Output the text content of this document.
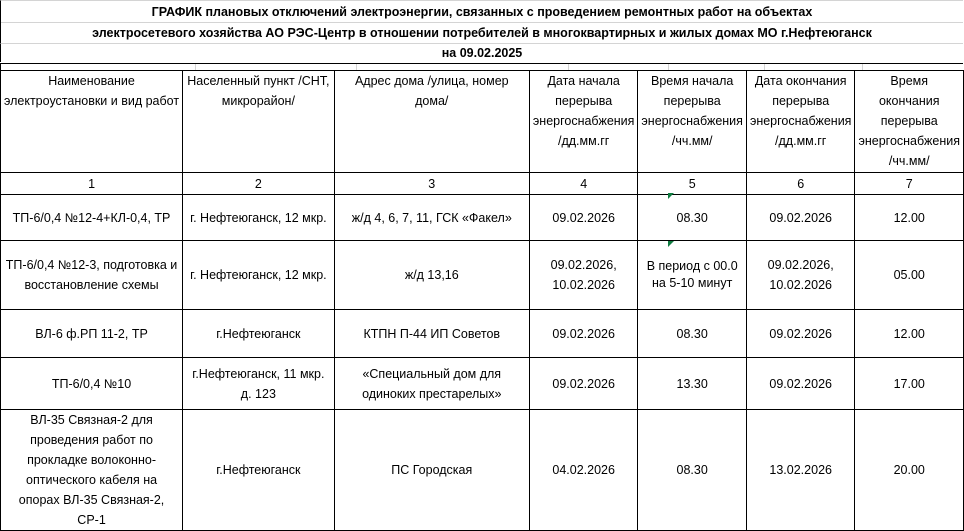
ГРАФИК плановых отключений электроэнергии, связанных с проведением ремонтных работ на объектах
электросетевого хозяйства АО РЭС-Центр в отношении потребителей в многоквартирных и жилых домах МО г.Нефтеюганск
на 09.02.2025
Наименование электроустановки и вид работ	Населенный пункт /СНТ, микрорайон/	Адрес дома /улица, номер дома/	Дата начала перерыва энергоснабжения /дд.мм.гг	Время начала перерыва энергоснабжения /чч.мм/	Дата окончания перерыва энергоснабжения /дд.мм.гг	Время окончания перерыва энергоснабжения /чч.мм/
1	2	3	4	5	6	7
ТП-6/0,4 №12-4+КЛ-0,4, ТР	г. Нефтеюганск, 12 мкр.	ж/д 4, 6, 7, 11, ГСК «Факел»	09.02.2026	08.30	09.02.2026	12.00
ТП-6/0,4 №12-3, подготовка и восстановление схемы	г. Нефтеюганск, 12 мкр.	ж/д 13,16	09.02.2026, 10.02.2026	В период с 00.0 на 5-10 минут	09.02.2026, 10.02.2026	05.00
ВЛ-6 ф.РП 11-2, ТР	г.Нефтеюганск	КТПН П-44 ИП Советов	09.02.2026	08.30	09.02.2026	12.00
ТП-6/0,4 №10	г.Нефтеюганск, 11 мкр. д. 123	«Специальный дом для одиноких престарелых»	09.02.2026	13.30	09.02.2026	17.00
ВЛ-35 Связная-2 для проведения работ по прокладке волоконно-оптического кабеля на опорах ВЛ-35 Связная-2, СР-1	г.Нефтеюганск	ПС Городская	04.02.2026	08.30	13.02.2026	20.00
